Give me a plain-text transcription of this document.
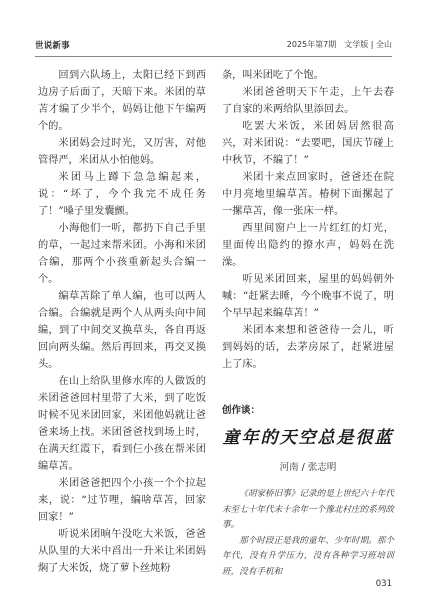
世说新事	2025年第7期　文学版 | 全山

回到六队场上，太阳已经下到西边房子后面了，天暗下来。米团的草苫才编了少半个，妈妈让他下午编两个的。

米团妈会过时光，又厉害，对他管得严，米团从小怕他妈。

米团马上蹲下急急编起来，说：“坏了，今个我完不成任务了！”嗓子里发囊颤。

小海他们一听，都扔下自己手里的草，一起过来帮米团。小海和米团合编，那两个小孩重新起头合编一个。

编草苫除了单人编，也可以两人合编。合编就是两个人从两头向中间编，到了中间交叉换草头，各自再返回向两头编。然后再回来，再交叉换头。

在山上给队里修水库的人做饭的米团爸爸回村里带了大米，到了吃饭时候不见米团回家，米团他妈就让爸爸来场上找。米团爸爸找到场上时，在满天红霞下，看到仨小孩在帮米团编草苫。

米团爸爸把四个小孩一个个拉起来，说：“过节哩，编啥草苫，回家回家！”

听说米团晌午没吃大米饭，爸爸从队里的大米中舀出一升米让米团妈焖了大米饭，烧了萝卜丝炖粉

条，叫米团吃了个饱。

米团爸爸明天下午走，上午去春了自家的米两给队里添回去。

吃罢大米饭，米团妈居然很高兴，对米团说：“去要吧，国庆节碰上中秋节，不编了！”

米团十来点回家时，爸爸还在院中月亮地里编草苫。椿树下面摞起了一摞草苫，像一张床一样。

西里间窗户上一片红红的灯光，里面传出隐约的撩水声，妈妈在洗澡。

听见米团回来，屋里的妈妈朝外喊：“赶紧去睡，今个晚事不说了，明个早早起来编草苫！”

米团本来想和爸爸待一会儿，听到妈妈的话，去茅房尿了，赶紧进屋上了床。

创作谈：
童年的天空总是很蓝
河南 / 张志明

《胡家桥旧事》记录的是上世纪六十年代末至七十年代末十余年一个豫北村庄的系列故事。

那个时段正是我的童年、少年时期。那个年代，没有升学压力，没有各种学习班培训班，没有手机和

031
